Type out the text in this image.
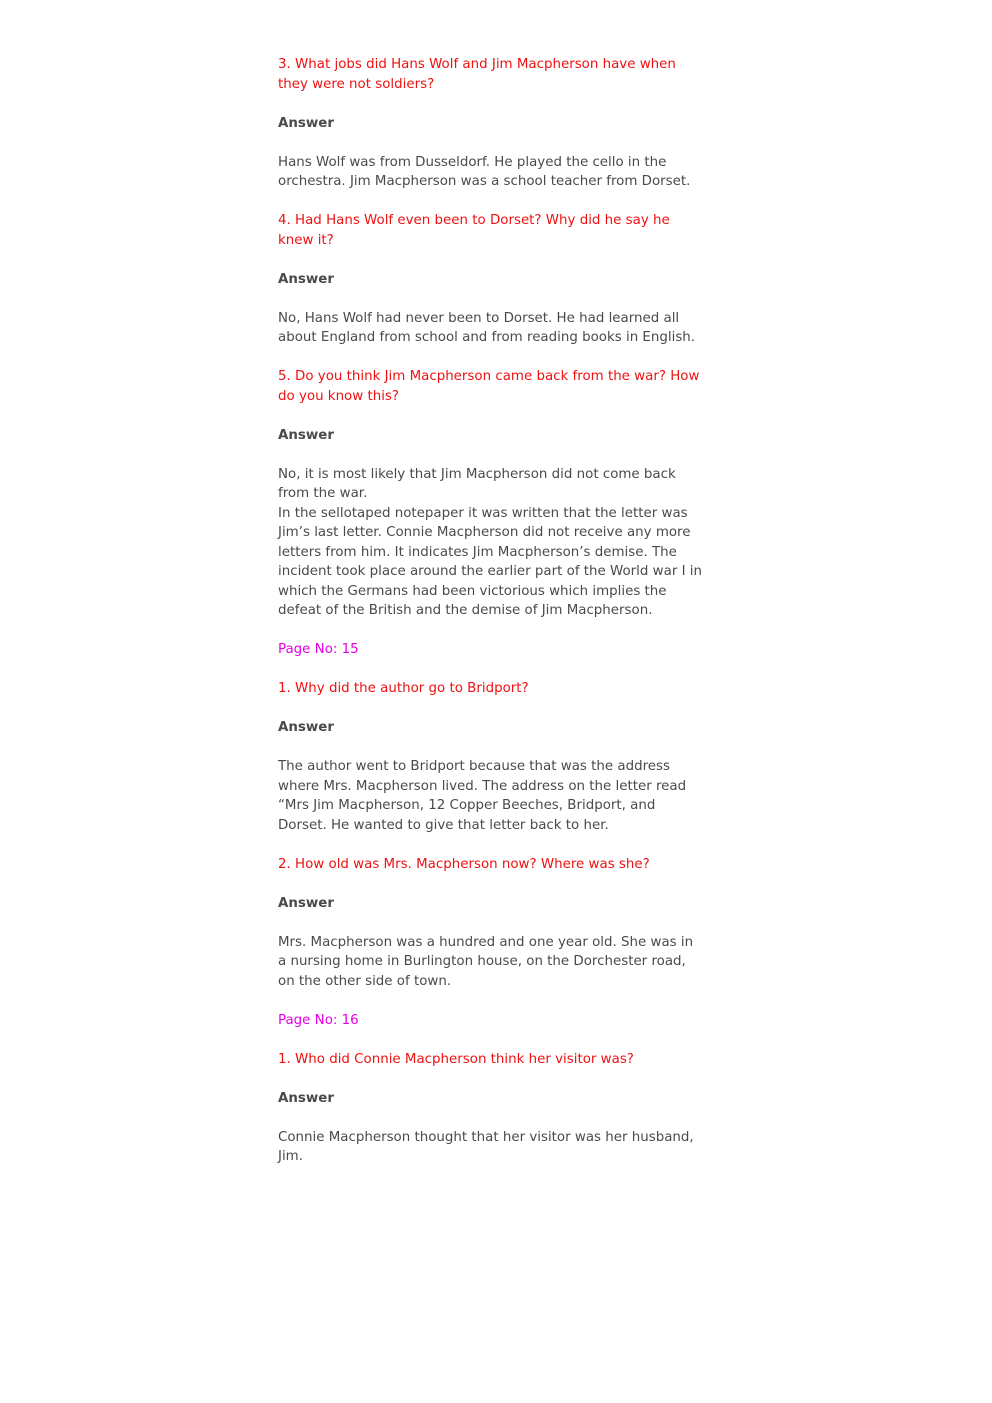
3. What jobs did Hans Wolf and Jim Macpherson have when they were not soldiers?

Answer

Hans Wolf was from Dusseldorf. He played the cello in the orchestra. Jim Macpherson was a school teacher from Dorset.

4. Had Hans Wolf even been to Dorset? Why did he say he knew it?

Answer

No, Hans Wolf had never been to Dorset. He had learned all about England from school and from reading books in English.

5. Do you think Jim Macpherson came back from the war? How do you know this?

Answer

No, it is most likely that Jim Macpherson did not come back from the war.
In the sellotaped notepaper it was written that the letter was Jim’s last letter. Connie Macpherson did not receive any more letters from him. It indicates Jim Macpherson’s demise. The incident took place around the earlier part of the World war I in which the Germans had been victorious which implies the defeat of the British and the demise of Jim Macpherson.

Page No: 15

1. Why did the author go to Bridport?

Answer

The author went to Bridport because that was the address where Mrs. Macpherson lived. The address on the letter read “Mrs Jim Macpherson, 12 Copper Beeches, Bridport, and Dorset. He wanted to give that letter back to her.

2. How old was Mrs. Macpherson now? Where was she?

Answer

Mrs. Macpherson was a hundred and one year old. She was in a nursing home in Burlington house, on the Dorchester road, on the other side of town.

Page No: 16

1. Who did Connie Macpherson think her visitor was?

Answer

Connie Macpherson thought that her visitor was her husband, Jim.
